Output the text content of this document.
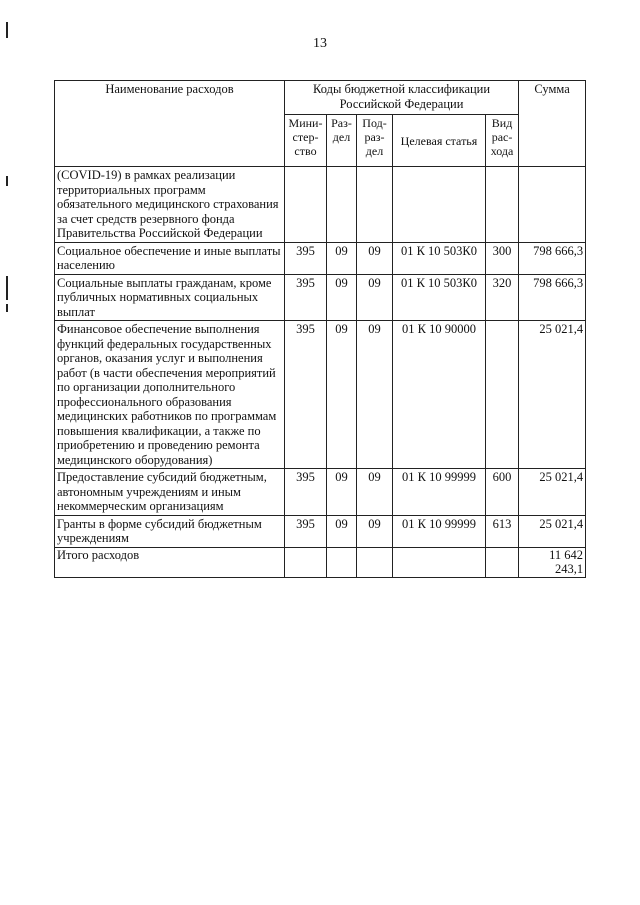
13
Наименование расходов	Коды бюджетной классификации Российской Федерации					Сумма
	Мини-стер-ство	Раз-дел	Под-раз-дел	Целевая статья	Вид рас-хода	
(COVID-19) в рамках реализации территориальных программ обязательного медицинского страхования за счет средств резервного фонда Правительства Российской Федерации						
Социальное обеспечение и иные выплаты населению	395	09	09	01 К 10 503К0	300	798 666,3
Социальные выплаты гражданам, кроме публичных нормативных социальных выплат	395	09	09	01 К 10 503К0	320	798 666,3
Финансовое обеспечение выполнения функций федеральных государственных органов, оказания услуг и выполнения работ (в части обеспечения мероприятий по организации дополнительного профессионального образования медицинских работников по программам повышения квалификации, а также по приобретению и проведению ремонта медицинского оборудования)	395	09	09	01 К 10 90000		25 021,4
Предоставление субсидий бюджетным, автономным учреждениям и иным некоммерческим организациям	395	09	09	01 К 10 99999	600	25 021,4
Гранты в форме субсидий бюджетным учреждениям	395	09	09	01 К 10 99999	613	25 021,4
Итого расходов						11 642 243,1
